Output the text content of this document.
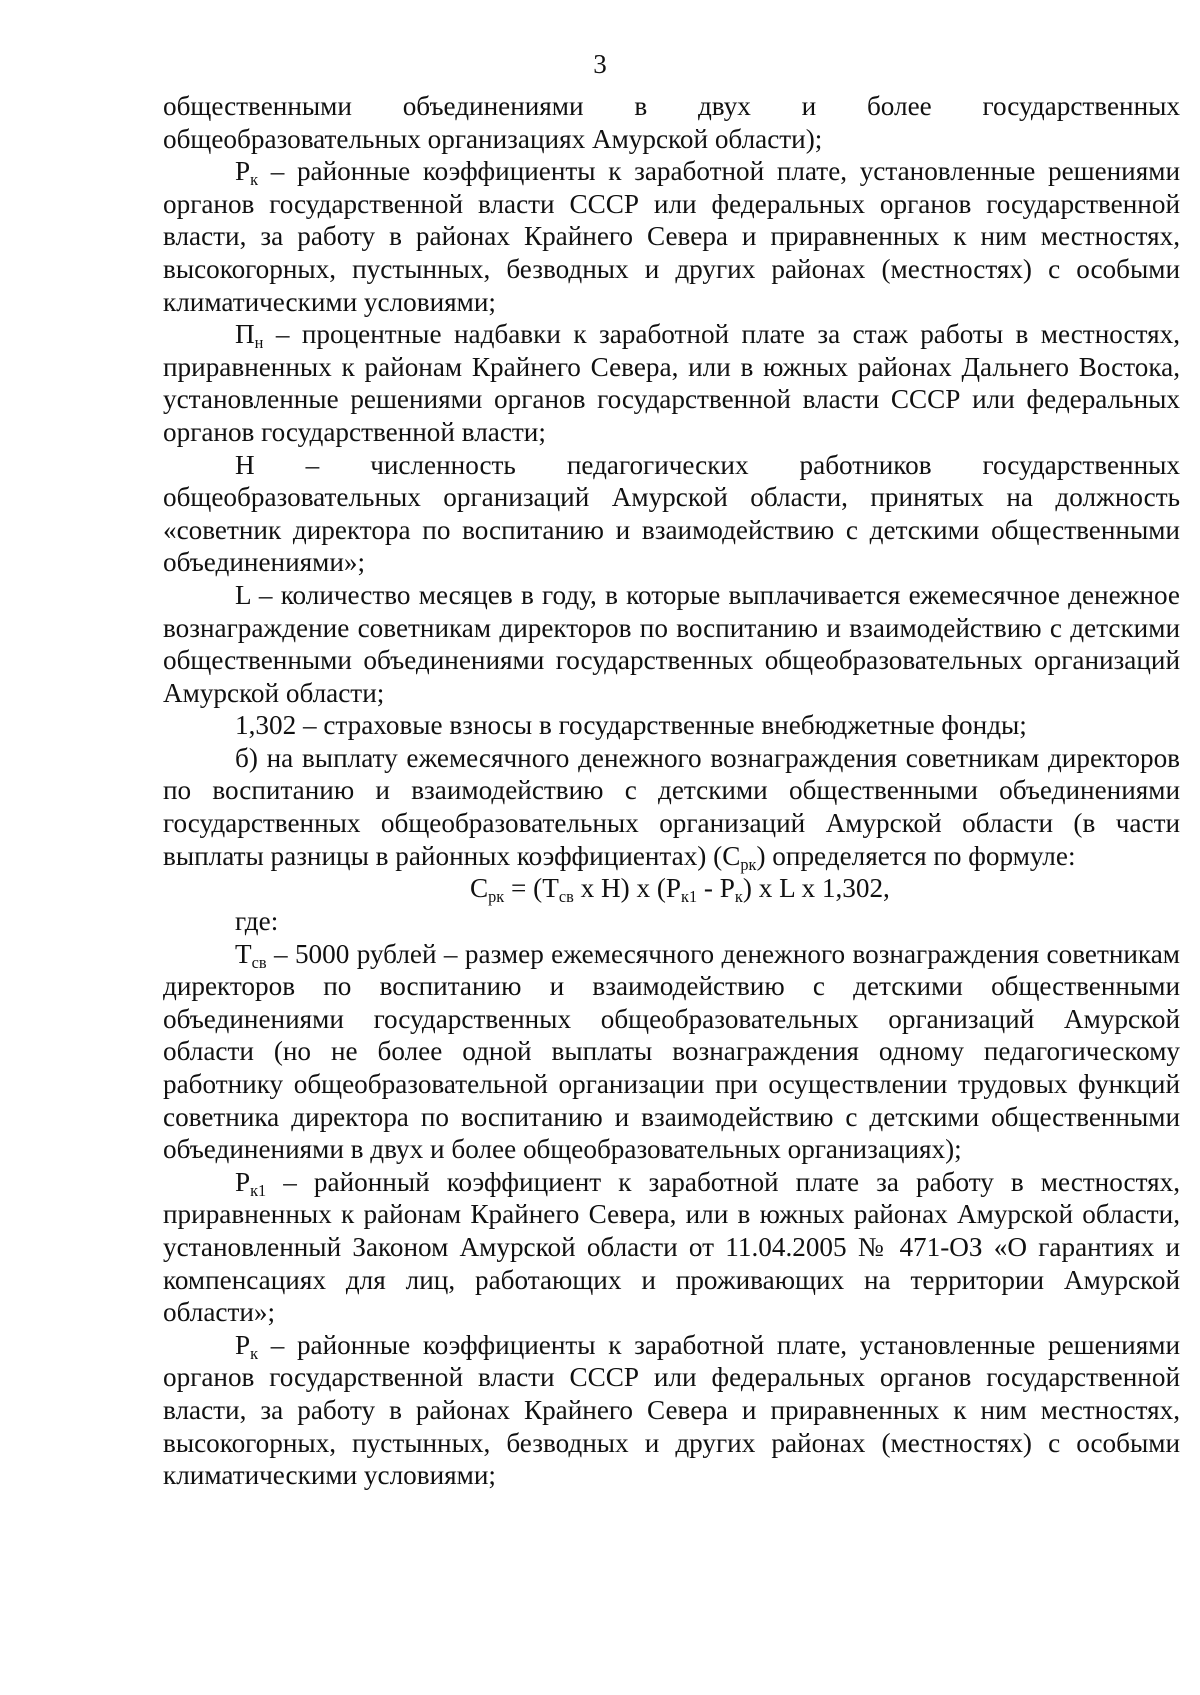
3

общественными объединениями в двух и более государственных общеобразовательных организациях Амурской области);

$Р_к$ – районные коэффициенты к заработной плате, установленные решениями органов государственной власти СССР или федеральных органов государственной власти, за работу в районах Крайнего Севера и приравненных к ним местностях, высокогорных, пустынных, безводных и других районах (местностях) с особыми климатическими условиями;

$П_н$ – процентные надбавки к заработной плате за стаж работы в местностях, приравненных к районам Крайнего Севера, или в южных районах Дальнего Востока, установленные решениями органов государственной власти СССР или федеральных органов государственной власти;

Н – численность педагогических работников государственных общеобразовательных организаций Амурской области, принятых на должность «советник директора по воспитанию и взаимодействию с детскими общественными объединениями»;

L – количество месяцев в году, в которые выплачивается ежемесячное денежное вознаграждение советникам директоров по воспитанию и взаимодействию с детскими общественными объединениями государственных общеобразовательных организаций Амурской области;

1,302 – страховые взносы в государственные внебюджетные фонды;

б) на выплату ежемесячного денежного вознаграждения советникам директоров по воспитанию и взаимодействию с детскими общественными объединениями государственных общеобразовательных организаций Амурской области (в части выплаты разницы в районных коэффициентах) $(С_{рк})$ определяется по формуле:

$С_{рк} = (Т_{св}$ х Н) х $(Р_{к1} - Р_к)$ х L х 1,302,

где:

$Т_{св} - 5000$ рублей – размер ежемесячного денежного вознаграждения советникам директоров по воспитанию и взаимодействию с детскими общественными объединениями государственных общеобразовательных организаций Амурской области (но не более одной выплаты вознаграждения одному педагогическому работнику общеобразовательной организации при осуществлении трудовых функций советника директора по воспитанию и взаимодействию с детскими общественными объединениями в двух и более общеобразовательных организациях);

$Р_{к1}$ – районный коэффициент к заработной плате за работу в местностях, приравненных к районам Крайнего Севера, или в южных районах Амурской области, установленный Законом Амурской области от 11.04.2005 № 471-ОЗ «О гарантиях и компенсациях для лиц, работающих и проживающих на территории Амурской области»;

$Р_к$ – районные коэффициенты к заработной плате, установленные решениями органов государственной власти СССР или федеральных органов государственной власти, за работу в районах Крайнего Севера и приравненных к ним местностях, высокогорных, пустынных, безводных и других районах (местностях) с особыми климатическими условиями;
